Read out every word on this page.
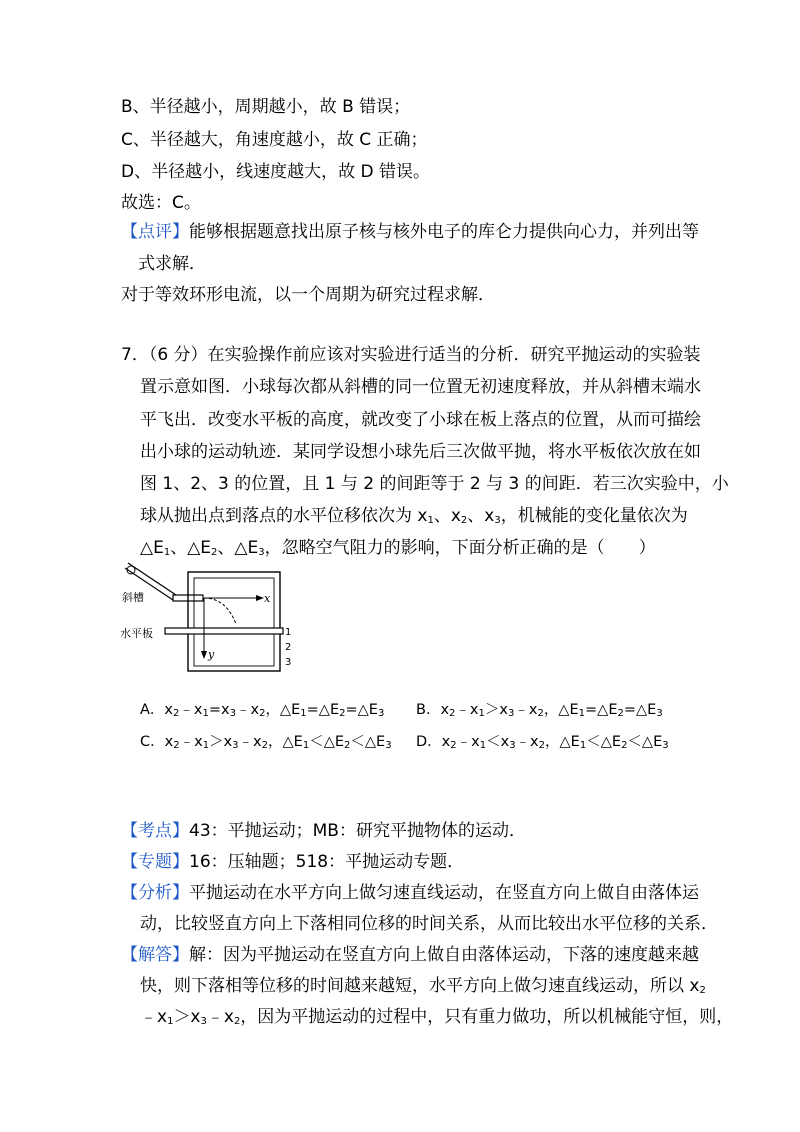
B、半径越小，周期越小，故 B 错误；
C、半径越大，角速度越小，故 C 正确；
D、半径越小，线速度越大，故 D 错误。
故选：C。
【点评】能够根据题意找出原子核与核外电子的库仑力提供向心力，并列出等
式求解．
对于等效环形电流，以一个周期为研究过程求解．
7．（6 分）在实验操作前应该对实验进行适当的分析．研究平抛运动的实验装
置示意如图．小球每次都从斜槽的同一位置无初速度释放，并从斜槽末端水
平飞出．改变水平板的高度，就改变了小球在板上落点的位置，从而可描绘
出小球的运动轨迹．某同学设想小球先后三次做平抛，将水平板依次放在如
图 1、2、3 的位置，且 1 与 2 的间距等于 2 与 3 的间距．若三次实验中，小
球从抛出点到落点的水平位移依次为 $x_1$、$x_2$、$x_3$，机械能的变化量依次为
$\triangle E_1$、$\triangle E_2$、$\triangle E_3$，忽略空气阻力的影响，下面分析正确的是（　　）
斜槽
水平板
x
y
1
2
3
A．$x_2﹣x_1=x_3﹣x_2$，$\triangle E_1=\triangle E_2=\triangle E_3$ B．$x_2﹣x_1>x_3﹣x_2$，$\triangle E_1=\triangle E_2=\triangle E_3$
C．$x_2﹣x_1>x_3﹣x_2$，$\triangle E_1<\triangle E_2<\triangle E_3$ D．$x_2﹣x_1<x_3﹣x_2$，$\triangle E_1<\triangle E_2<\triangle E_3$
【考点】43：平抛运动；MB：研究平抛物体的运动．
【专题】16：压轴题；518：平抛运动专题．
【分析】平抛运动在水平方向上做匀速直线运动，在竖直方向上做自由落体运
动，比较竖直方向上下落相同位移的时间关系，从而比较出水平位移的关系．
【解答】解：因为平抛运动在竖直方向上做自由落体运动，下落的速度越来越
快，则下落相等位移的时间越来越短，水平方向上做匀速直线运动，所以 $x_2$
$﹣x_1>x_3﹣x_2$，因为平抛运动的过程中，只有重力做功，所以机械能守恒，则，
